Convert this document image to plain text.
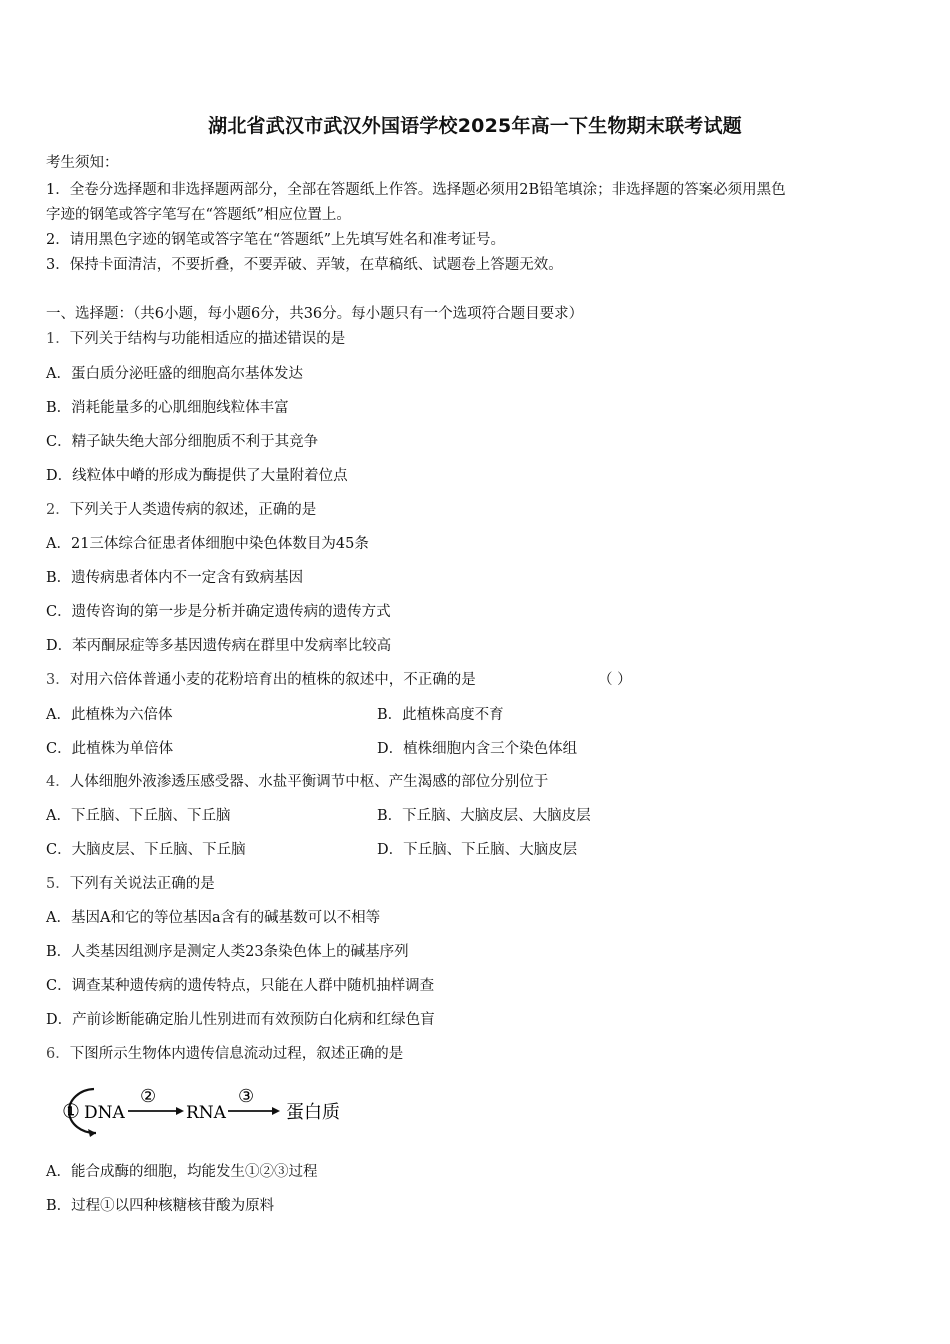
湖北省武汉市武汉外国语学校2025年高一下生物期末联考试题
考生须知：
1．全卷分选择题和非选择题两部分，全部在答题纸上作答。选择题必须用2B铅笔填涂；非选择题的答案必须用黑色
字迹的钢笔或答字笔写在“答题纸”相应位置上。
2．请用黑色字迹的钢笔或答字笔在“答题纸”上先填写姓名和准考证号。
3．保持卡面清洁，不要折叠，不要弄破、弄皱，在草稿纸、试题卷上答题无效。
一、选择题：（共6小题，每小题6分，共36分。每小题只有一个选项符合题目要求）
1．下列关于结构与功能相适应的描述错误的是
A．蛋白质分泌旺盛的细胞高尔基体发达
B．消耗能量多的心肌细胞线粒体丰富
C．精子缺失绝大部分细胞质不利于其竞争
D．线粒体中嵴的形成为酶提供了大量附着位点
2．下列关于人类遗传病的叙述，正确的是
A．21三体综合征患者体细胞中染色体数目为45条
B．遗传病患者体内不一定含有致病基因
C．遗传咨询的第一步是分析并确定遗传病的遗传方式
D．苯丙酮尿症等多基因遗传病在群里中发病率比较高
3．对用六倍体普通小麦的花粉培育出的植株的叙述中，不正确的是	（ ）
A．此植株为六倍体	B．此植株高度不育
C．此植株为单倍体	D．植株细胞内含三个染色体组
4．人体细胞外液渗透压感受器、水盐平衡调节中枢、产生渴感的部位分别位于
A．下丘脑、下丘脑、下丘脑	B．下丘脑、大脑皮层、大脑皮层
C．大脑皮层、下丘脑、下丘脑	D．下丘脑、下丘脑、大脑皮层
5．下列有关说法正确的是
A．基因A和它的等位基因a含有的碱基数可以不相等
B．人类基因组测序是测定人类23条染色体上的碱基序列
C．调查某种遗传病的遗传特点，只能在人群中随机抽样调查
D．产前诊断能确定胎儿性别进而有效预防白化病和红绿色盲
6．下图所示生物体内遗传信息流动过程，叙述正确的是
① DNA
②
RNA
③
蛋白质
A．能合成酶的细胞，均能发生①②③过程
B．过程①以四种核糖核苷酸为原料
